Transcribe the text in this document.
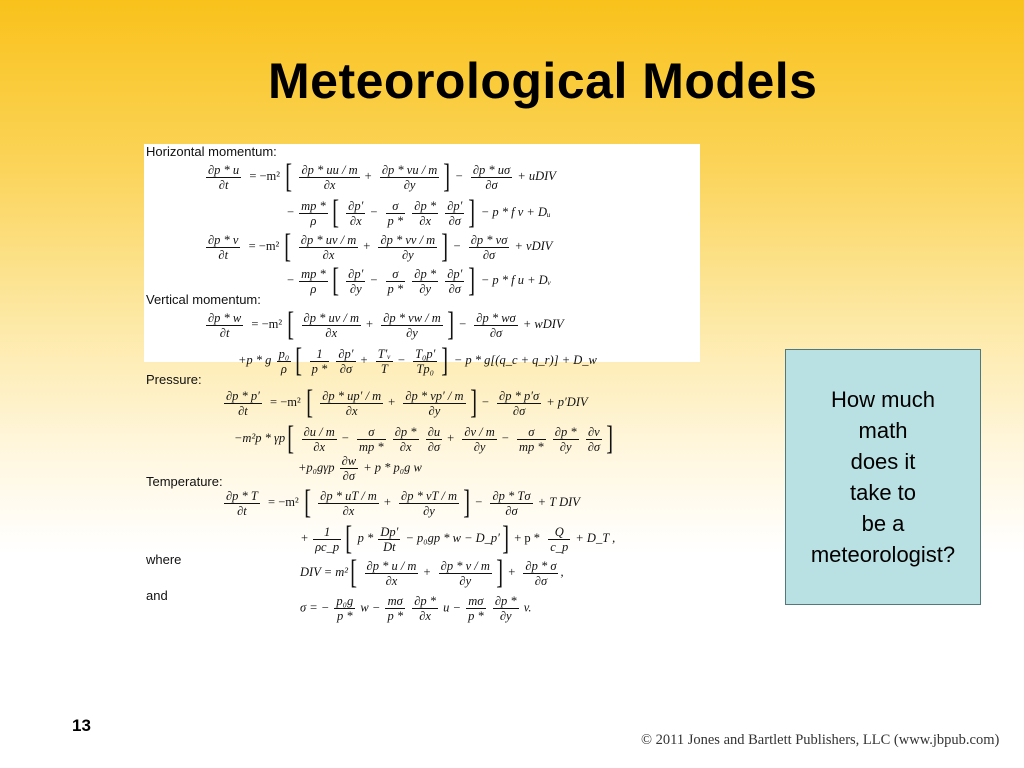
Meteorological Models
Horizontal momentum:
$\frac{\partial p * u}{\partial t} = -m^2$ [ $\frac{\partial p * uu / m}{\partial x} + \frac{\partial p * vu / m}{\partial y}$ ] − $\frac{\partial p * u\sigma}{\partial\sigma}$ + uDIV
− $\frac{mp *}{\rho}$ [ $\frac{\partial p'}{\partial x} - \frac{\sigma}{p *}$
$\frac{\partial p *}{\partial x}$
$\frac{\partial p'}{\partial\sigma}$ ] − p * f v + Dᵤ
$\frac{\partial p * v}{\partial t} = -m^2$ [ $\frac{\partial p * uv / m}{\partial x} + \frac{\partial p * vv / m}{\partial y}$ ] − $\frac{\partial p * v\sigma}{\partial\sigma}$ + vDIV
− $\frac{mp *}{\rho}$ [ $\frac{\partial p'}{\partial y} - \frac{\sigma}{p *}$
$\frac{\partial p *}{\partial y}$
$\frac{\partial p'}{\partial\sigma}$ ] − p * f u + Dᵥ
Vertical momentum:
$\frac{\partial p * w}{\partial t} = -m^2$ [ $\frac{\partial p * uv / m}{\partial x} + \frac{\partial p * vw / m}{\partial y}$ ] − $\frac{\partial p * w\sigma}{\partial\sigma}$ + wDIV
+p * g $\frac{\text{p₀}}{\rho}$ [ $\frac{1}{p *}$
$\frac{\partial p'}{\partial\sigma} + \frac{\text{T′ᵥ}}{T} - \frac{\text{T₀p′}}{\text{Tp₀}}$ ] − p * g[(q_c + q_r)] + D_w
Pressure:
$\frac{\partial p * p'}{\partial t} = -m^2$ [ $\frac{\partial p * up' / m}{\partial x} + \frac{\partial p * vp' / m}{\partial y}$ ] − $\frac{\partial p * p'\sigma}{\partial\sigma} + p'DIV$
$-m^2p * \gamma p[ \frac{\partial u / m}{\partial x} - \frac{\sigma}{mp *}$
$\frac{\partial p *}{\partial x}$
$\frac{\partial u}{\partial\sigma} + \frac{\partial v / m}{\partial y} - \frac{\sigma}{mp *}$
$\frac{\partial p *}{\partial y}$
$\frac{\partial v}{\partial\sigma}$ ]
$+p_0g\gamma p \frac{\partial w}{\partial\sigma} + p * p_0g$ w
Temperature:
$\frac{\partial p * T}{\partial t} = -m^2$ [ $\frac{\partial p * uT / m}{\partial x} + \frac{\partial p * vT / m}{\partial y}$ ] − $\frac{\partial p * T\sigma}{\partial\sigma} + T$ DIV
+ $\frac{1}{\rho c\_p}$ [ $p * \frac{Dp'}{Dt} - p_0gp * w$ − D_p′] + p * $\frac{Q}{c\_p}$ + D_T ,
where
DIV = $m^2[ \frac{\partial p * u / m}{\partial x} + \frac{\partial p * v / m}{\partial y}$ ] + $\frac{\partial p * \sigma}{\partial\sigma}$ ,
and
σ = − $\frac{\text{p₀g}}{p *}$ $w - \frac{m\sigma}{p *}$
$\frac{\partial p *}{\partial x}$ $u - \frac{m\sigma}{p *}$
$\frac{\partial p *}{\partial y} v$.
How much
math
does it
take to
be a
meteorologist?
13
© 2011 Jones and Bartlett Publishers, LLC (www.jbpub.com)
